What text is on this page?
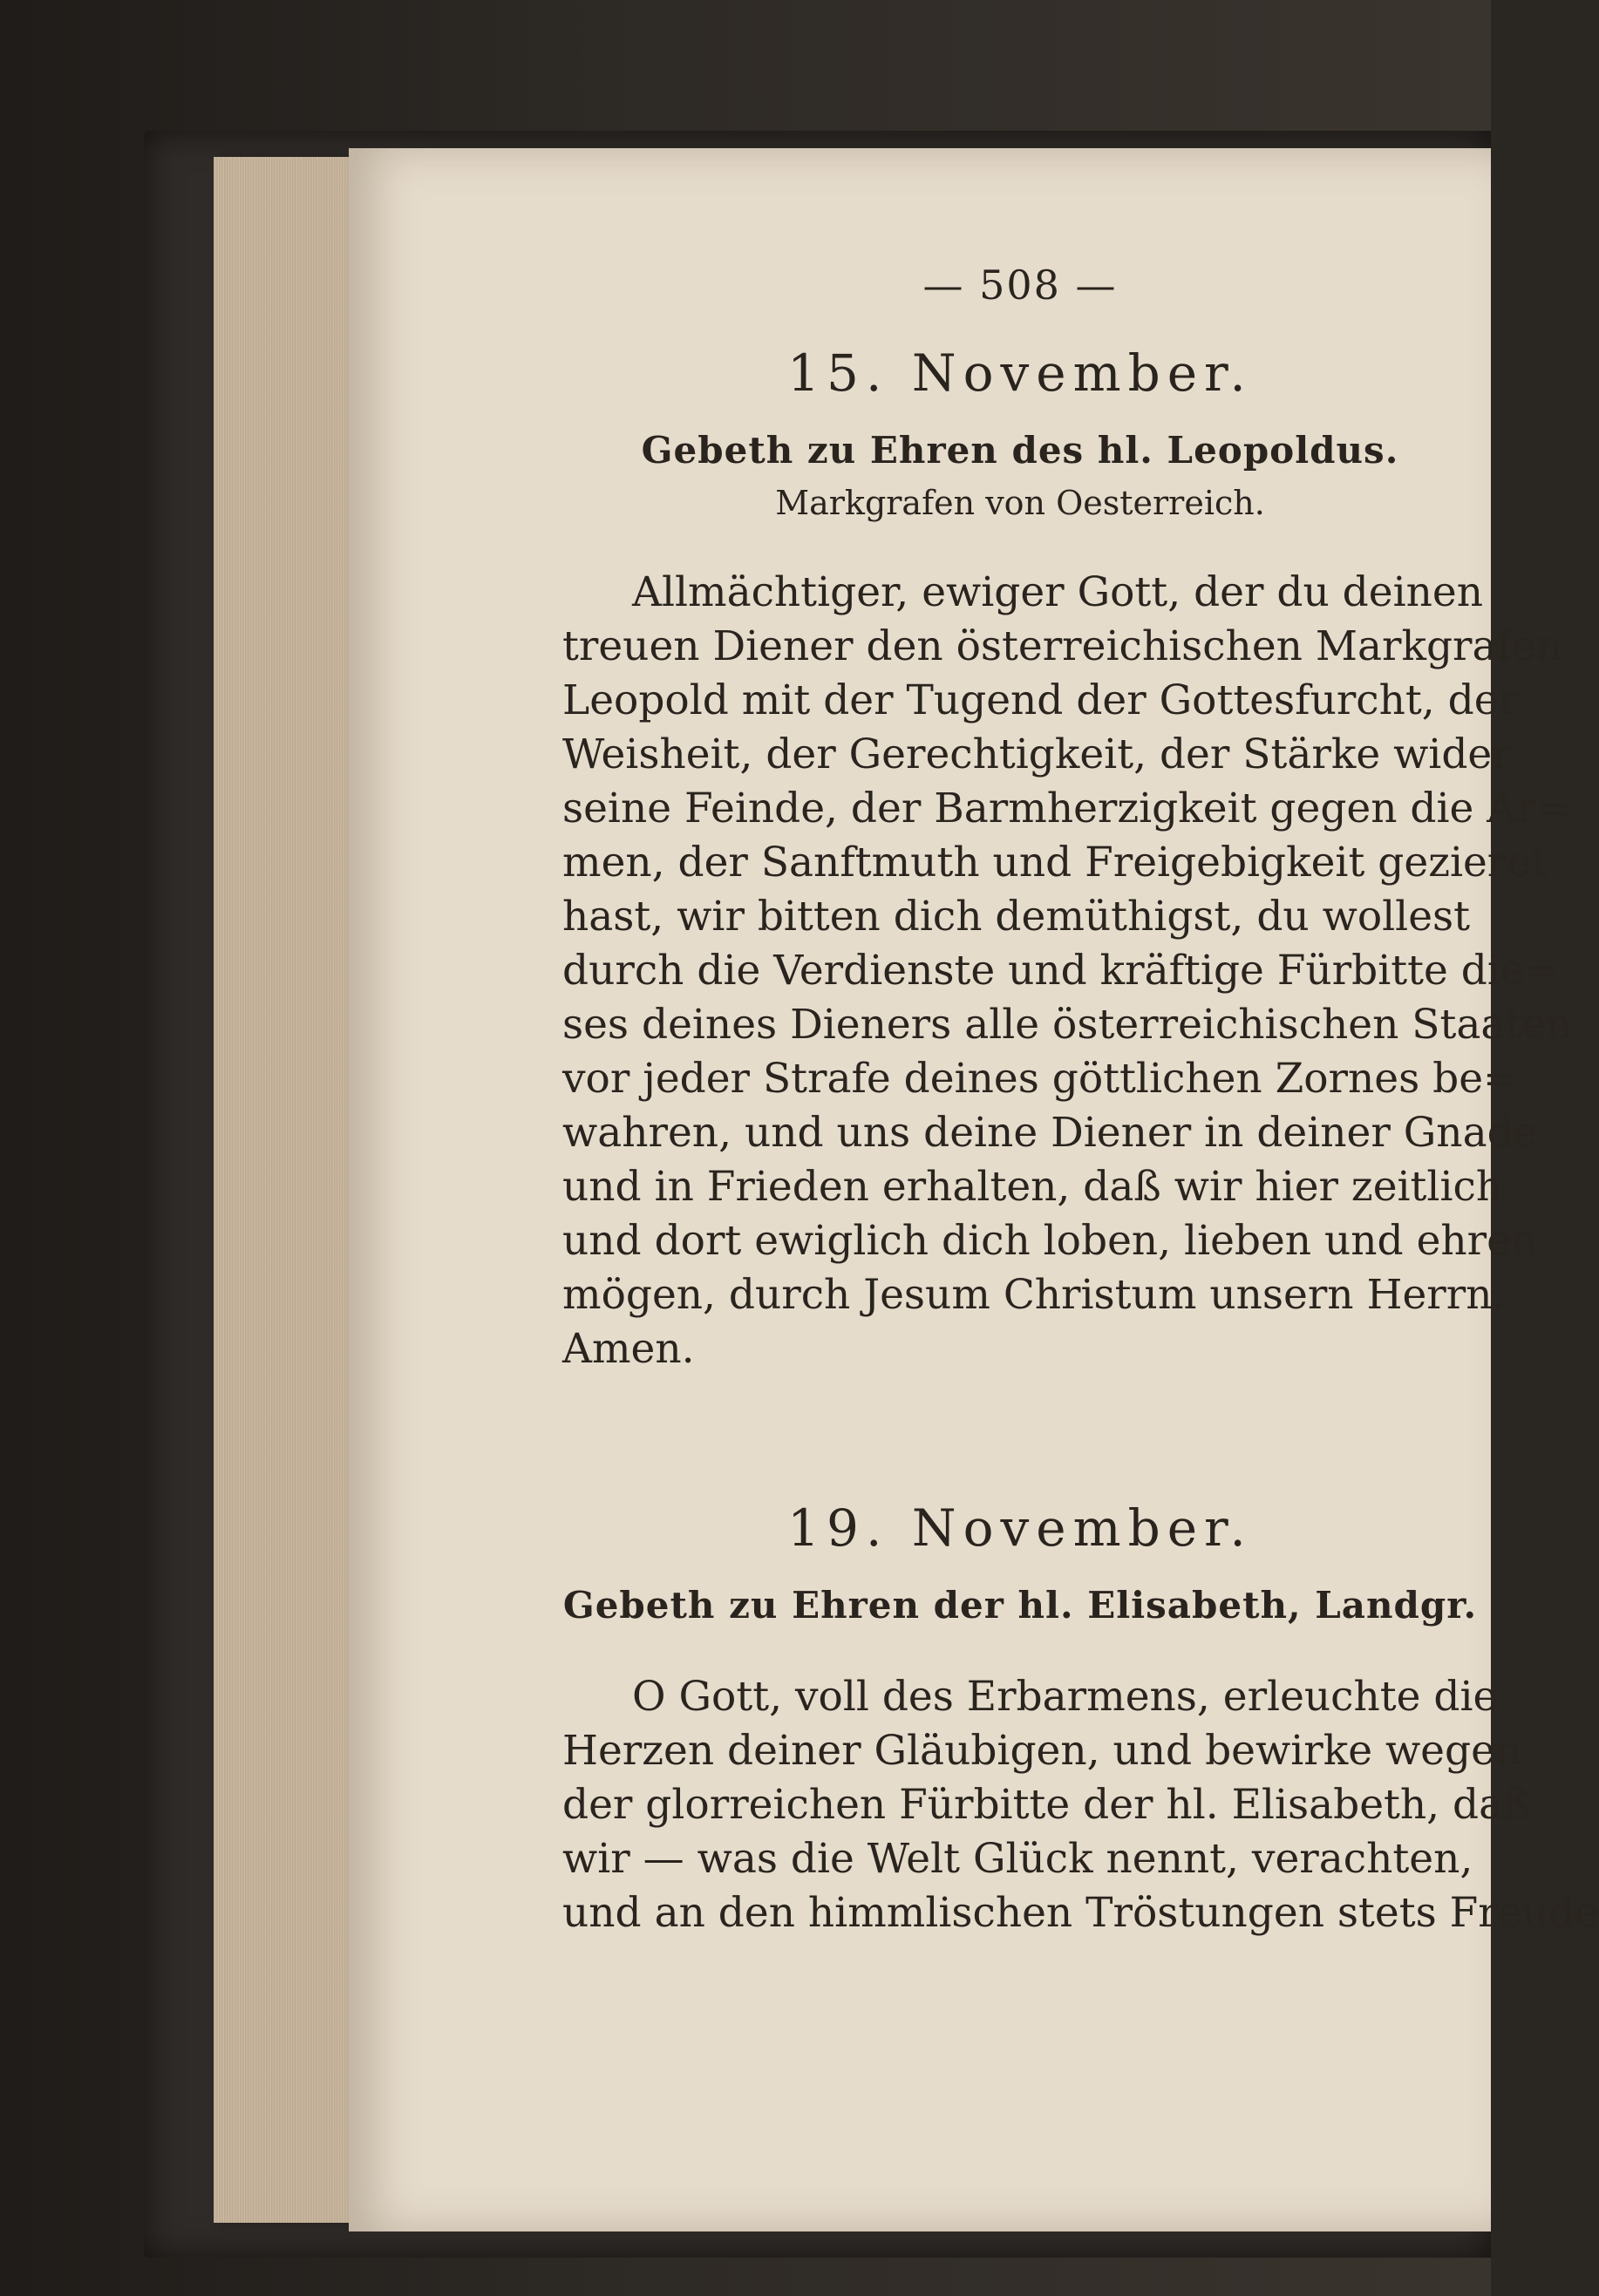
— 508 —
15. November.
Gebeth zu Ehren des hl. Leopoldus.
Markgrafen von Oesterreich.
Allmächtiger, ewiger Gott, der du deinen
treuen Diener den österreichischen Markgrafen
Leopold mit der Tugend der Gottesfurcht, der
Weisheit, der Gerechtigkeit, der Stärke wider
seine Feinde, der Barmherzigkeit gegen die Ar=
men, der Sanftmuth und Freigebigkeit gezieret
hast, wir bitten dich demüthigst, du wollest
durch die Verdienste und kräftige Fürbitte die=
ses deines Dieners alle österreichischen Staaten
vor jeder Strafe deines göttlichen Zornes be=
wahren, und uns deine Diener in deiner Gnade
und in Frieden erhalten, daß wir hier zeitlich
und dort ewiglich dich loben, lieben und ehren
mögen, durch Jesum Christum unsern Herrn.
Amen.
19. November.
Gebeth zu Ehren der hl. Elisabeth, Landgr.
O Gott, voll des Erbarmens, erleuchte die
Herzen deiner Gläubigen, und bewirke wegen
der glorreichen Fürbitte der hl. Elisabeth, daß
wir — was die Welt Glück nennt, verachten,
und an den himmlischen Tröstungen stets Freude
